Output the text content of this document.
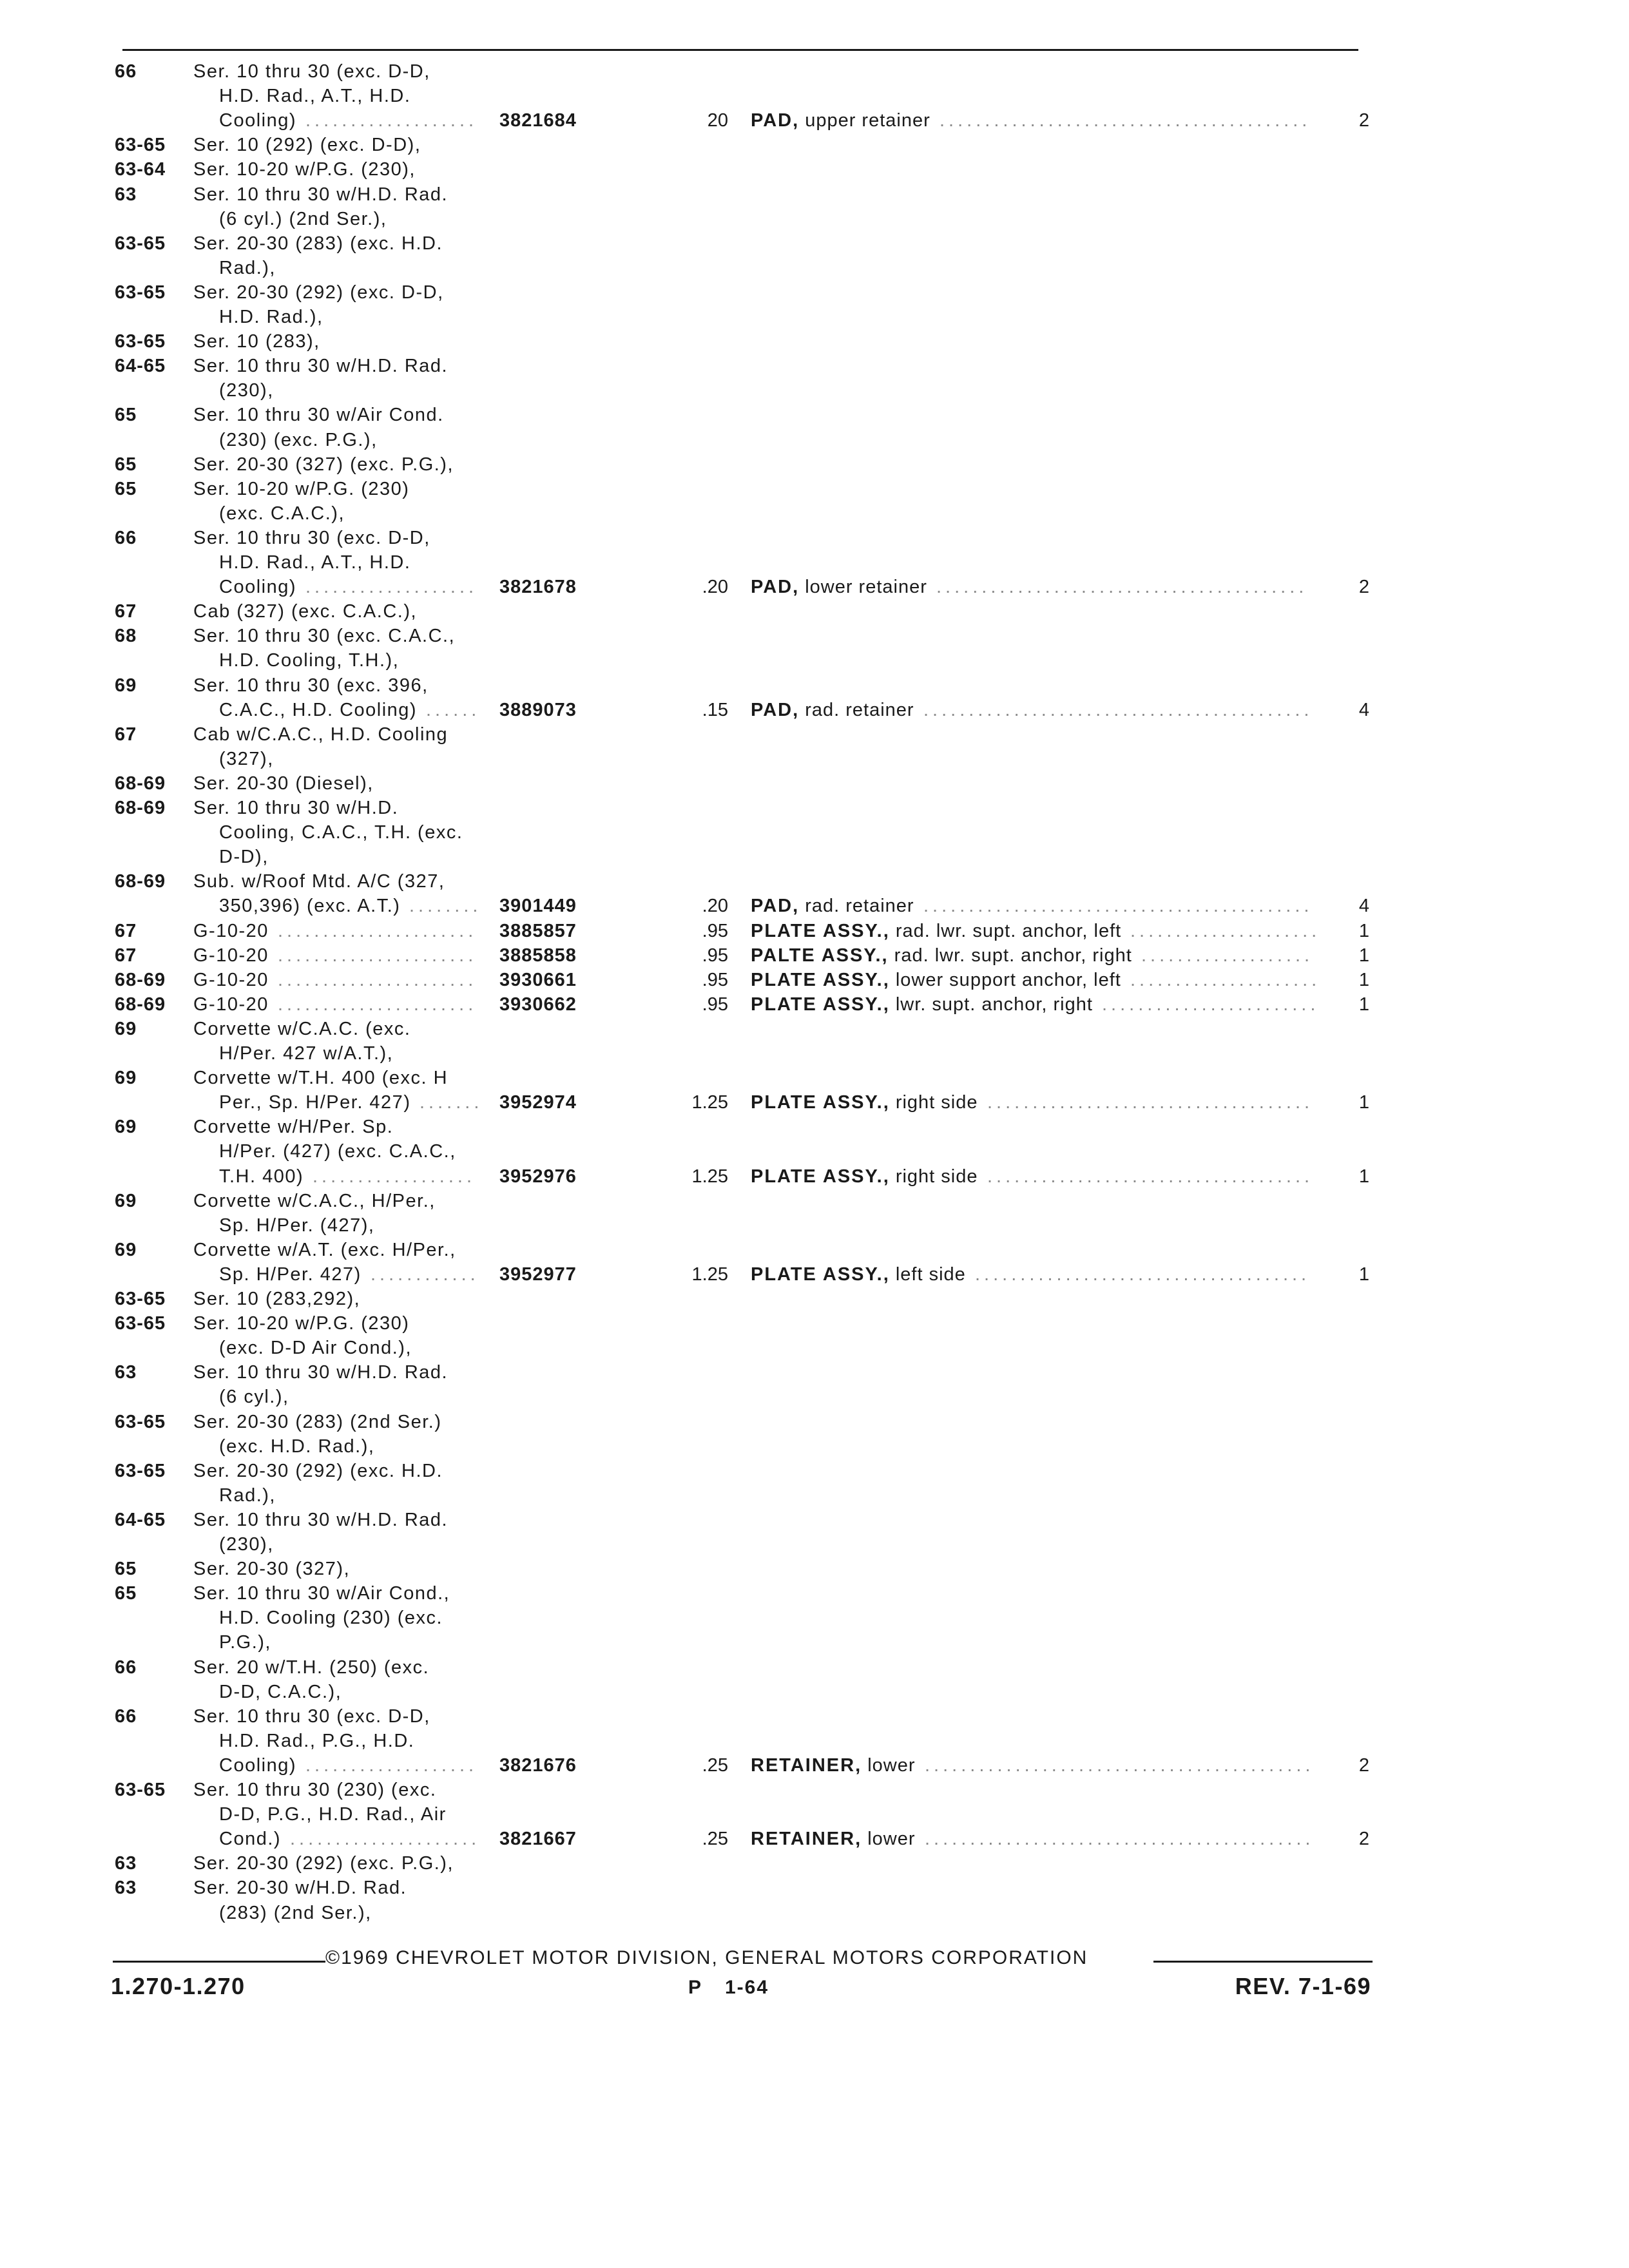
66	Ser. 10 thru 30 (exc. D-D,
H.D. Rad., A.T., H.D.
Cooling) ................... 3821684	20 PAD, upper retainer .........................................	2
63-65 Ser. 10 (292) (exc. D-D),
63-64 Ser. 10-20 w/P.G. (230),
63	Ser. 10 thru 30 w/H.D. Rad.
(6 cyl.) (2nd Ser.),
63-65 Ser. 20-30 (283) (exc. H.D.
Rad.),
63-65 Ser. 20-30 (292) (exc. D-D,
H.D. Rad.),
63-65 Ser. 10 (283),
64-65 Ser. 10 thru 30 w/H.D. Rad.
(230),
65	Ser. 10 thru 30 w/Air Cond.
(230) (exc. P.G.),
65	Ser. 20-30 (327) (exc. P.G.),
65	Ser. 10-20 w/P.G. (230)
(exc. C.A.C.),
66	Ser. 10 thru 30 (exc. D-D,
H.D. Rad., A.T., H.D.
Cooling) ................... 3821678	.20 PAD, lower retainer .........................................	2
67	Cab (327) (exc. C.A.C.),
68	Ser. 10 thru 30 (exc. C.A.C.,
H.D. Cooling, T.H.),
69	Ser. 10 thru 30 (exc. 396,
C.A.C., H.D. Cooling) ...... 3889073	.15 PAD, rad. retainer ...........................................	4
67	Cab w/C.A.C., H.D. Cooling
(327),
68-69 Ser. 20-30 (Diesel),
68-69 Ser. 10 thru 30 w/H.D.
Cooling, C.A.C., T.H. (exc.
D-D),
68-69 Sub. w/Roof Mtd. A/C (327,
350,396) (exc. A.T.) ........ 3901449	.20 PAD, rad. retainer ...........................................	4
67	G-10-20 ...................... 3885857	.95 PLATE ASSY., rad. lwr. supt. anchor, left .....................	1
67	G-10-20 ...................... 3885858	.95 PALTE ASSY., rad. lwr. supt. anchor, right ...................	1
68-69 G-10-20 ...................... 3930661	.95 PLATE ASSY., lower support anchor, left .....................	1
68-69 G-10-20 ...................... 3930662	.95 PLATE ASSY., lwr. supt. anchor, right ........................	1
69	Corvette w/C.A.C. (exc.
H/Per. 427 w/A.T.),
69	Corvette w/T.H. 400 (exc. H
Per., Sp. H/Per. 427) ....... 3952974	1.25 PLATE ASSY., right side ....................................	1
69	Corvette w/H/Per. Sp.
H/Per. (427) (exc. C.A.C.,
T.H. 400) .................. 3952976	1.25 PLATE ASSY., right side ....................................	1
69	Corvette w/C.A.C., H/Per.,
Sp. H/Per. (427),
69	Corvette w/A.T. (exc. H/Per.,
Sp. H/Per. 427) ............ 3952977	1.25 PLATE ASSY., left side .....................................	1
63-65 Ser. 10 (283,292),
63-65 Ser. 10-20 w/P.G. (230)
(exc. D-D Air Cond.),
63	Ser. 10 thru 30 w/H.D. Rad.
(6 cyl.),
63-65 Ser. 20-30 (283) (2nd Ser.)
(exc. H.D. Rad.),
63-65 Ser. 20-30 (292) (exc. H.D.
Rad.),
64-65 Ser. 10 thru 30 w/H.D. Rad.
(230),
65	Ser. 20-30 (327),
65	Ser. 10 thru 30 w/Air Cond.,
H.D. Cooling (230) (exc.
P.G.),
66	Ser. 20 w/T.H. (250) (exc.
D-D, C.A.C.),
66	Ser. 10 thru 30 (exc. D-D,
H.D. Rad., P.G., H.D.
Cooling) ................... 3821676	.25 RETAINER, lower ...........................................	2
63-65 Ser. 10 thru 30 (230) (exc.
D-D, P.G., H.D. Rad., Air
Cond.) ..................... 3821667	.25 RETAINER, lower ...........................................	2
63	Ser. 20-30 (292) (exc. P.G.),
63	Ser. 20-30 w/H.D. Rad.
(283) (2nd Ser.),
©1969 CHEVROLET MOTOR DIVISION, GENERAL MOTORS CORPORATION
1.270-1.270	P 1-64	REV. 7-1-69
